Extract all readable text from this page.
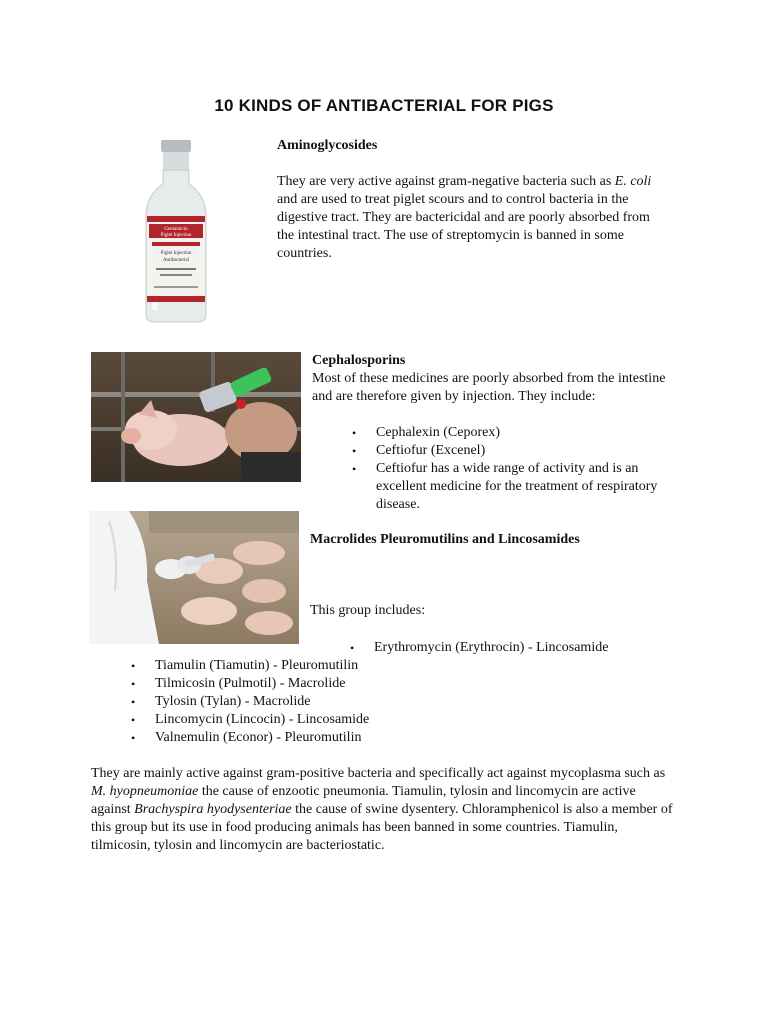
10 KINDS OF ANTIBACTERIAL FOR PIGS
Gentamicin
Piglet Injection
Piglet Injection
Antibacterial
Aminoglycosides
They are very active against gram-negative bacteria such as E. coli and are used to treat piglet scours and to control bacteria in the digestive tract. They are bactericidal and are poorly absorbed from the intestinal tract. The use of streptomycin is banned in some countries.
Cephalosporins
Most of these medicines are poorly absorbed from the intestine and are therefore given by injection. They include:
• Cephalexin (Ceporex)
• Ceftiofur (Excenel)
• Ceftiofur has a wide range of activity and is an excellent medicine for the treatment of respiratory disease.
Macrolides Pleuromutilins and Lincosamides
This group includes:
• Erythromycin (Erythrocin) - Lincosamide
• Tiamulin (Tiamutin) - Pleuromutilin
• Tilmicosin (Pulmotil) - Macrolide
• Tylosin (Tylan) - Macrolide
• Lincomycin (Lincocin) - Lincosamide
• Valnemulin (Econor) - Pleuromutilin
They are mainly active against gram-positive bacteria and specifically act against mycoplasma such as M. hyopneumoniae the cause of enzootic pneumonia. Tiamulin, tylosin and lincomycin are active against Brachyspira hyodysenteriae the cause of swine dysentery. Chloramphenicol is also a member of this group but its use in food producing animals has been banned in some countries. Tiamulin, tilmicosin, tylosin and lincomycin are bacteriostatic.
